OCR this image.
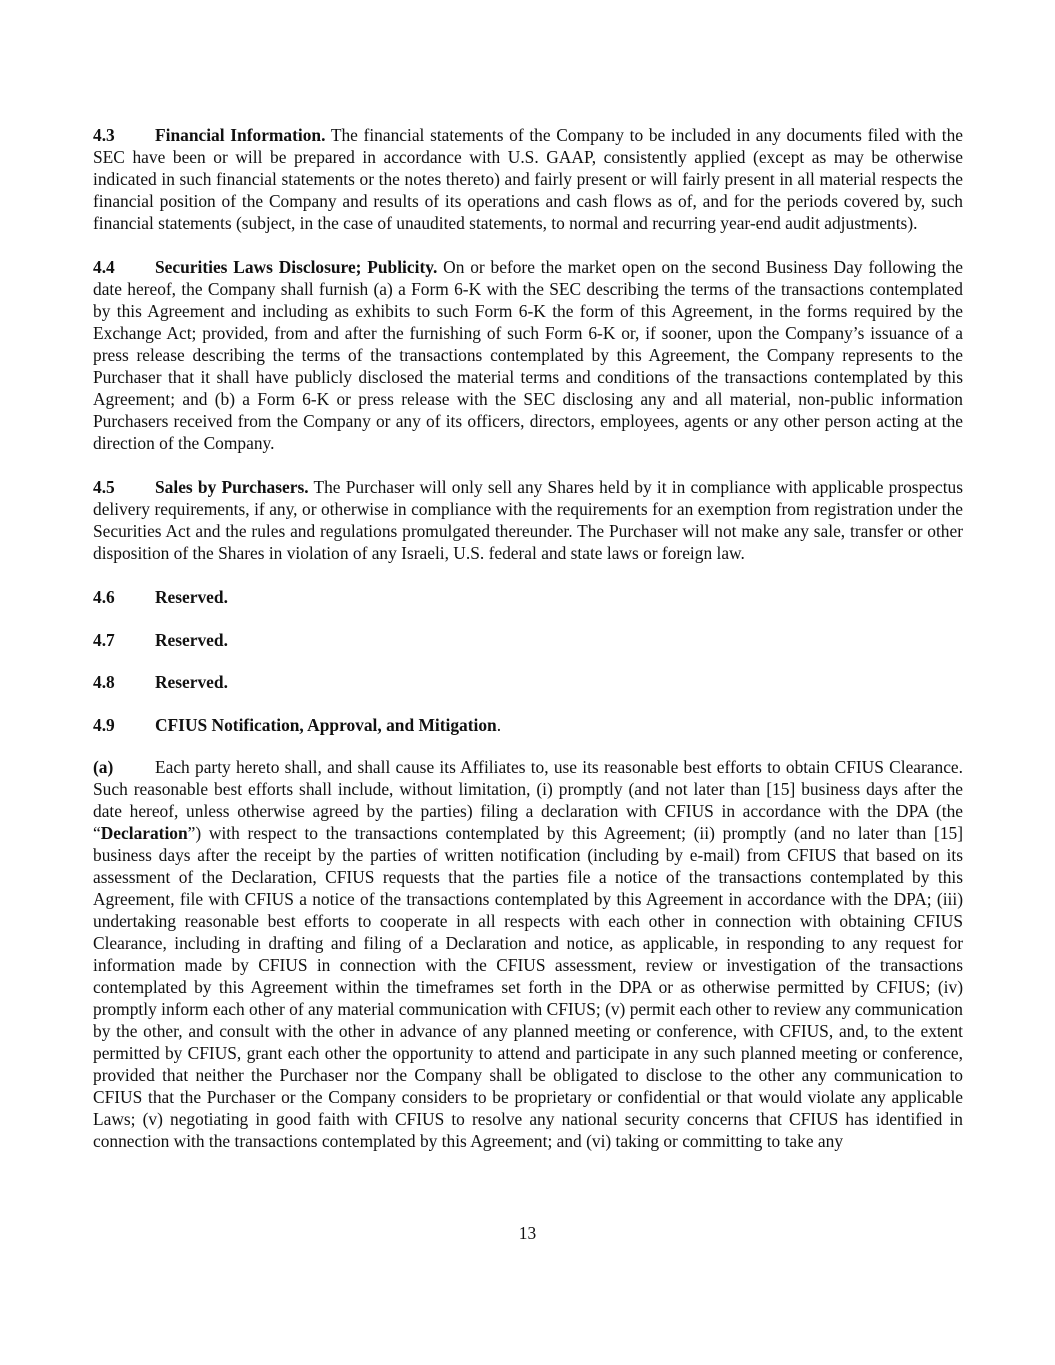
4.3 Financial Information. The financial statements of the Company to be included in any documents filed with the SEC have been or will be prepared in accordance with U.S. GAAP, consistently applied (except as may be otherwise indicated in such financial statements or the notes thereto) and fairly present or will fairly present in all material respects the financial position of the Company and results of its operations and cash flows as of, and for the periods covered by, such financial statements (subject, in the case of unaudited statements, to normal and recurring year-end audit adjustments).

4.4 Securities Laws Disclosure; Publicity. On or before the market open on the second Business Day following the date hereof, the Company shall furnish (a) a Form 6-K with the SEC describing the terms of the transactions contemplated by this Agreement and including as exhibits to such Form 6-K the form of this Agreement, in the forms required by the Exchange Act; provided, from and after the furnishing of such Form 6-K or, if sooner, upon the Company’s issuance of a press release describing the terms of the transactions contemplated by this Agreement, the Company represents to the Purchaser that it shall have publicly disclosed the material terms and conditions of the transactions contemplated by this Agreement; and (b) a Form 6-K or press release with the SEC disclosing any and all material, non-public information Purchasers received from the Company or any of its officers, directors, employees, agents or any other person acting at the direction of the Company.

4.5 Sales by Purchasers. The Purchaser will only sell any Shares held by it in compliance with applicable prospectus delivery requirements, if any, or otherwise in compliance with the requirements for an exemption from registration under the Securities Act and the rules and regulations promulgated thereunder. The Purchaser will not make any sale, transfer or other disposition of the Shares in violation of any Israeli, U.S. federal and state laws or foreign law.

4.6 Reserved.

4.7 Reserved.

4.8 Reserved.

4.9 CFIUS Notification, Approval, and Mitigation.

(a) Each party hereto shall, and shall cause its Affiliates to, use its reasonable best efforts to obtain CFIUS Clearance. Such reasonable best efforts shall include, without limitation, (i) promptly (and not later than [15] business days after the date hereof, unless otherwise agreed by the parties) filing a declaration with CFIUS in accordance with the DPA (the “Declaration”) with respect to the transactions contemplated by this Agreement; (ii) promptly (and no later than [15] business days after the receipt by the parties of written notification (including by e-mail) from CFIUS that based on its assessment of the Declaration, CFIUS requests that the parties file a notice of the transactions contemplated by this Agreement, file with CFIUS a notice of the transactions contemplated by this Agreement in accordance with the DPA; (iii) undertaking reasonable best efforts to cooperate in all respects with each other in connection with obtaining CFIUS Clearance, including in drafting and filing of a Declaration and notice, as applicable, in responding to any request for information made by CFIUS in connection with the CFIUS assessment, review or investigation of the transactions contemplated by this Agreement within the timeframes set forth in the DPA or as otherwise permitted by CFIUS; (iv) promptly inform each other of any material communication with CFIUS; (v) permit each other to review any communication by the other, and consult with the other in advance of any planned meeting or conference, with CFIUS, and, to the extent permitted by CFIUS, grant each other the opportunity to attend and participate in any such planned meeting or conference, provided that neither the Purchaser nor the Company shall be obligated to disclose to the other any communication to CFIUS that the Purchaser or the Company considers to be proprietary or confidential or that would violate any applicable Laws; (v) negotiating in good faith with CFIUS to resolve any national security concerns that CFIUS has identified in connection with the transactions contemplated by this Agreement; and (vi) taking or committing to take any

13
